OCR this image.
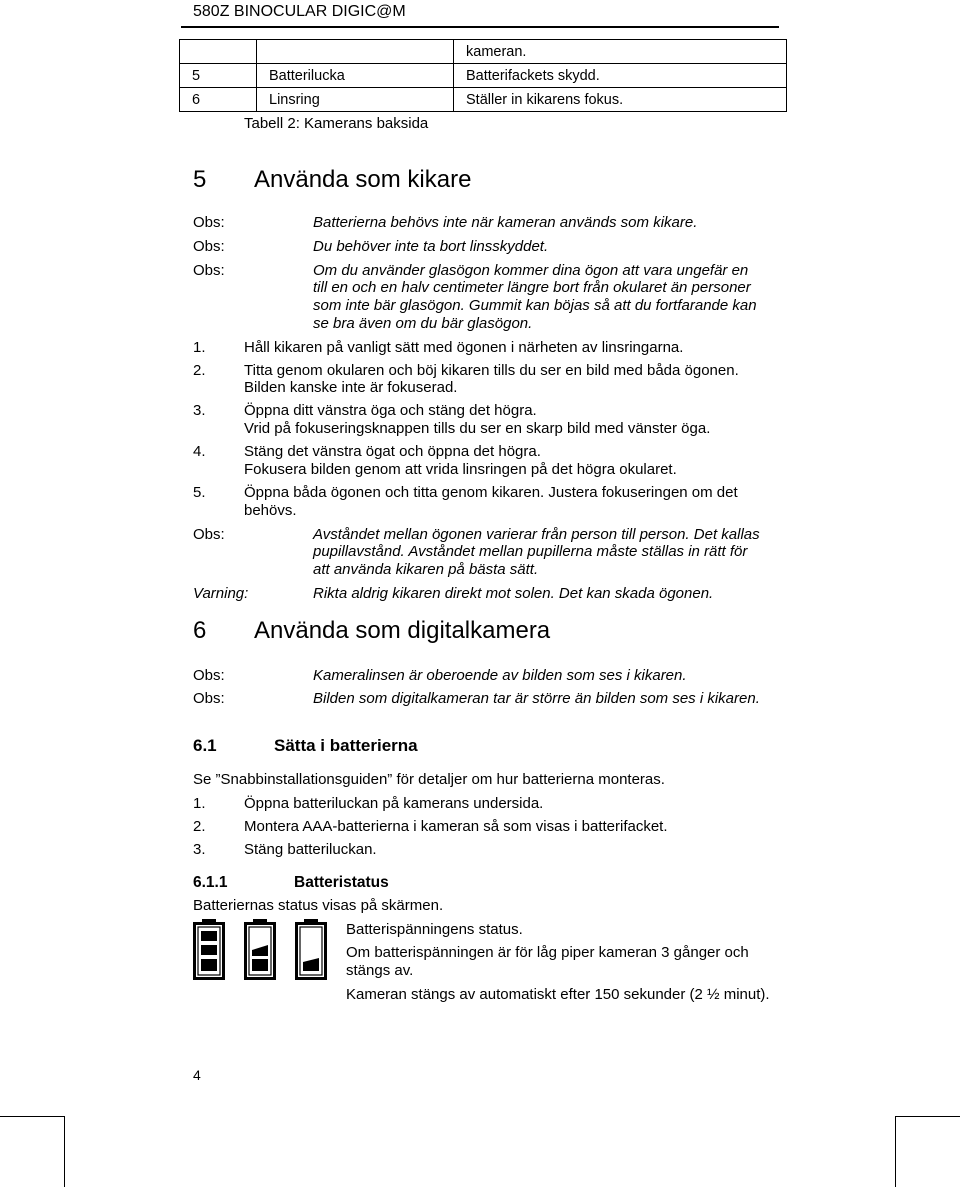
580Z BINOCULAR DIGIC@M
		kameran.
5	Batterilucka	Batterifackets skydd.
6	Linsring	Ställer in kikarens fokus.
Tabell 2: Kamerans baksida
5 Använda som kikare
Obs:	Batterierna behövs inte när kameran används som kikare.
Obs:	Du behöver inte ta bort linsskyddet.
Obs:	Om du använder glasögon kommer dina ögon att vara ungefär en
till en och en halv centimeter längre bort från okularet än personer
som inte bär glasögon. Gummit kan böjas så att du fortfarande kan
se bra även om du bär glasögon.
1.	Håll kikaren på vanligt sätt med ögonen i närheten av linsringarna.
2.	Titta genom okularen och böj kikaren tills du ser en bild med båda ögonen.
Bilden kanske inte är fokuserad.
3.	Öppna ditt vänstra öga och stäng det högra.
Vrid på fokuseringsknappen tills du ser en skarp bild med vänster öga.
4.	Stäng det vänstra ögat och öppna det högra.
Fokusera bilden genom att vrida linsringen på det högra okularet.
5.	Öppna båda ögonen och titta genom kikaren. Justera fokuseringen om det
behövs.
Obs:	Avståndet mellan ögonen varierar från person till person. Det kallas
pupillavstånd. Avståndet mellan pupillerna måste ställas in rätt för
att använda kikaren på bästa sätt.
Varning:	Rikta aldrig kikaren direkt mot solen. Det kan skada ögonen.
6 Använda som digitalkamera
Obs:	Kameralinsen är oberoende av bilden som ses i kikaren.
Obs:	Bilden som digitalkameran tar är större än bilden som ses i kikaren.
6.1	Sätta i batterierna
Se ”Snabbinstallationsguiden” för detaljer om hur batterierna monteras.
1.	Öppna batteriluckan på kamerans undersida.
2.	Montera AAA-batterierna i kameran så som visas i batterifacket.
3.	Stäng batteriluckan.
6.1.1	Batteristatus
Batteriernas status visas på skärmen.
Batterispänningens status.
Om batterispänningen är för låg piper kameran 3 gånger och
stängs av.
Kameran stängs av automatiskt efter 150 sekunder (2 ½ minut).
4
